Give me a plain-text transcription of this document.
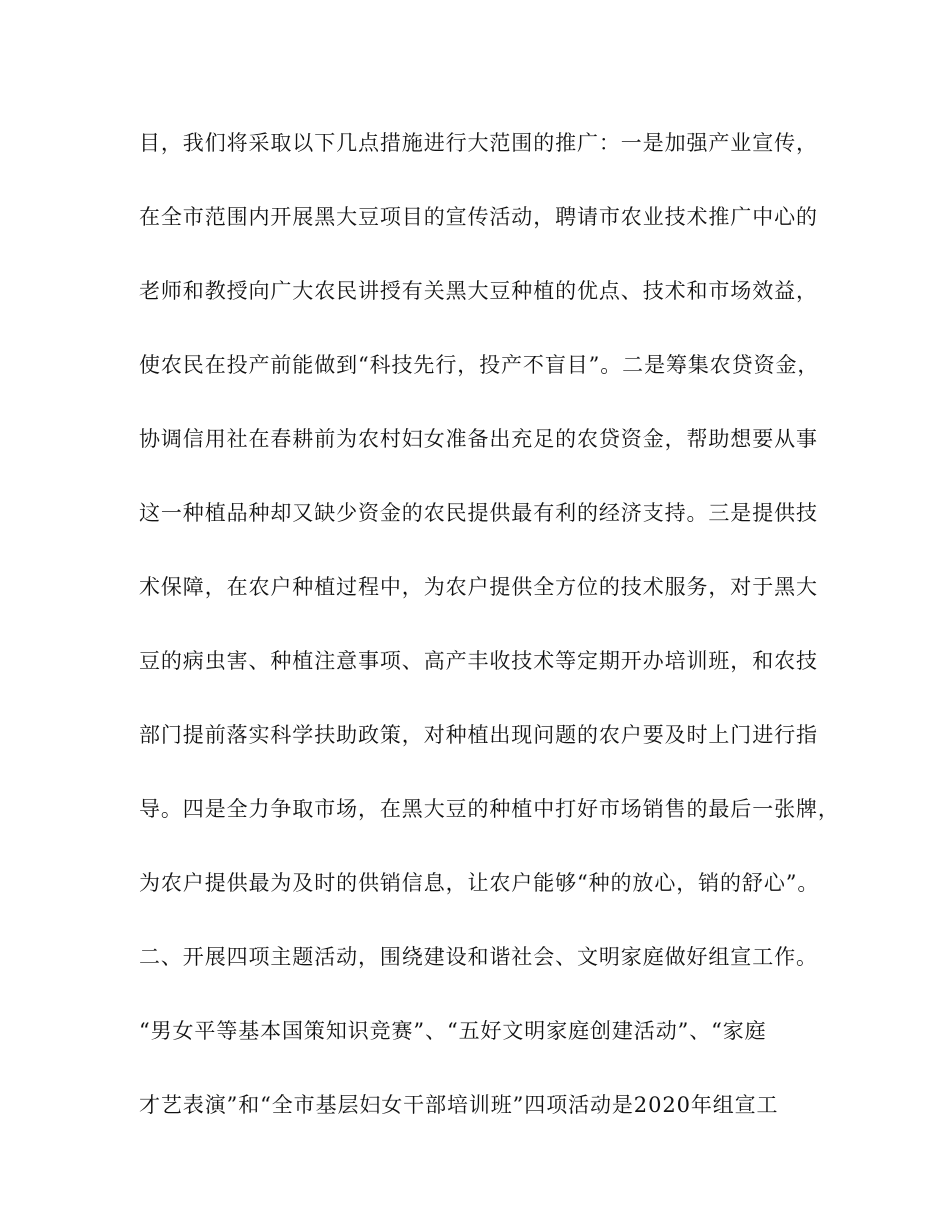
目，我们将采取以下几点措施进行大范围的推广：一是加强产业宣传，
在全市范围内开展黑大豆项目的宣传活动，聘请市农业技术推广中心的
老师和教授向广大农民讲授有关黑大豆种植的优点、技术和市场效益，
使农民在投产前能做到“科技先行，投产不盲目”。二是筹集农贷资金，
协调信用社在春耕前为农村妇女准备出充足的农贷资金，帮助想要从事
这一种植品种却又缺少资金的农民提供最有利的经济支持。三是提供技
术保障，在农户种植过程中，为农户提供全方位的技术服务，对于黑大
豆的病虫害、种植注意事项、高产丰收技术等定期开办培训班，和农技
部门提前落实科学扶助政策，对种植出现问题的农户要及时上门进行指
导。四是全力争取市场，在黑大豆的种植中打好市场销售的最后一张牌，
为农户提供最为及时的供销信息，让农户能够“种的放心，销的舒心”。
二、开展四项主题活动，围绕建设和谐社会、文明家庭做好组宣工作。
“男女平等基本国策知识竞赛”、“五好文明家庭创建活动”、“家庭
才艺表演”和“全市基层妇女干部培训班”四项活动是2020年组宣工
